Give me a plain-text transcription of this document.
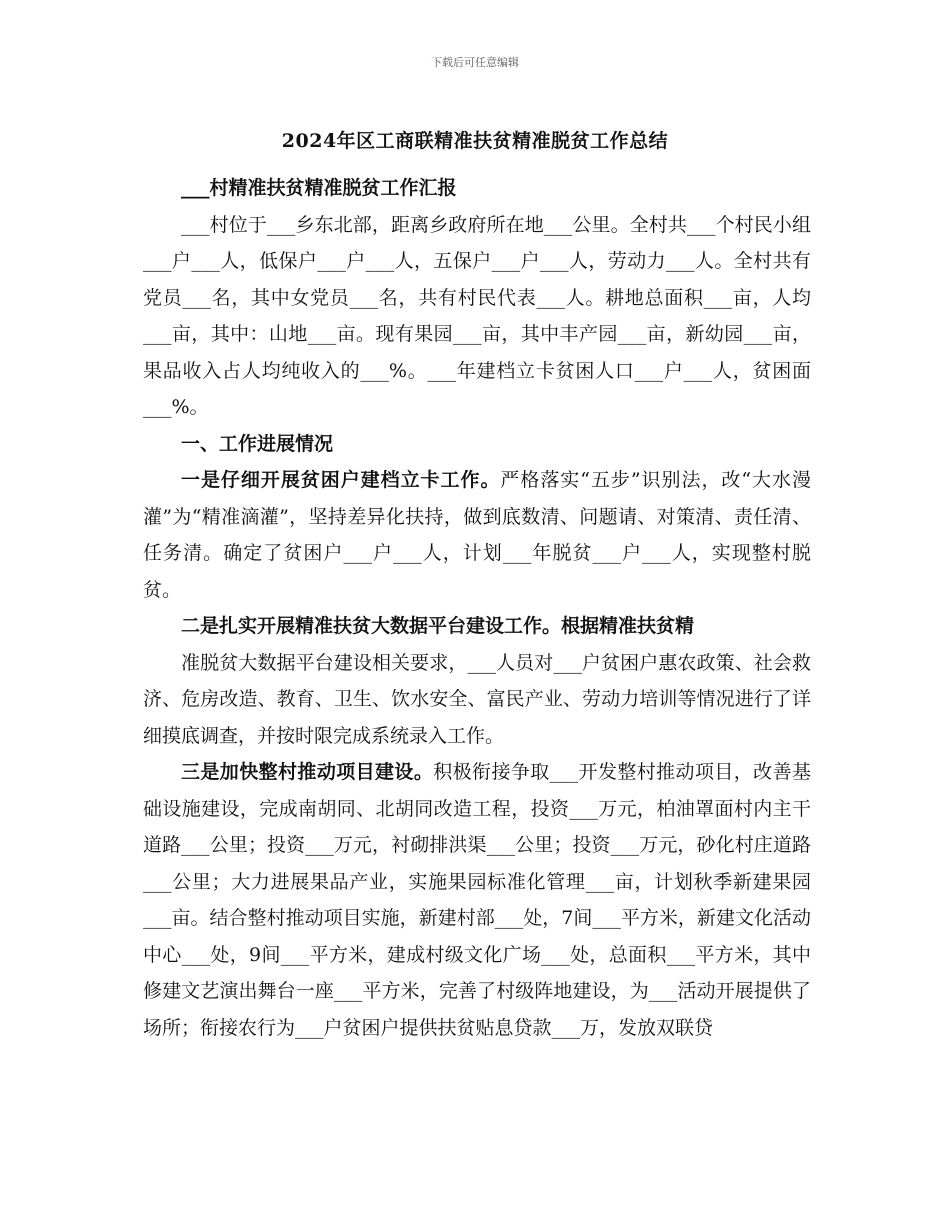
下载后可任意编辑
2024年区工商联精准扶贫精准脱贫工作总结

___村精准扶贫精准脱贫工作汇报

___村位于___乡东北部，距离乡政府所在地___公里。全村共___个村民小组___户___人，低保户___户___人，五保户___户___人，劳动力___人。全村共有党员___名，其中女党员___名，共有村民代表___人。耕地总面积___亩，人均___亩，其中：山地___亩。现有果园___亩，其中丰产园___亩，新幼园___亩，果品收入占人均纯收入的___%。___年建档立卡贫困人口___户___人，贫困面___%。

一、工作进展情况

一是仔细开展贫困户建档立卡工作。严格落实“五步”识别法，改“大水漫灌”为“精准滴灌”，坚持差异化扶持，做到底数清、问题请、对策清、责任清、任务清。确定了贫困户___户___人，计划___年脱贫___户___人，实现整村脱贫。

二是扎实开展精准扶贫大数据平台建设工作。根据精准扶贫精

准脱贫大数据平台建设相关要求，___人员对___户贫困户惠农政策、社会救济、危房改造、教育、卫生、饮水安全、富民产业、劳动力培训等情况进行了详细摸底调查，并按时限完成系统录入工作。

三是加快整村推动项目建设。积极衔接争取___开发整村推动项目，改善基础设施建设，完成南胡同、北胡同改造工程，投资___万元，柏油罩面村内主干道路___公里；投资___万元，衬砌排洪渠___公里；投资___万元，砂化村庄道路___公里；大力进展果品产业，实施果园标准化管理___亩，计划秋季新建果园___亩。结合整村推动项目实施，新建村部___处，7间___平方米，新建文化活动中心___处，9间___平方米，建成村级文化广场___处，总面积___平方米，其中修建文艺演出舞台一座___平方米，完善了村级阵地建设，为___活动开展提供了场所；衔接农行为___户贫困户提供扶贫贴息贷款___万，发放双联贷
